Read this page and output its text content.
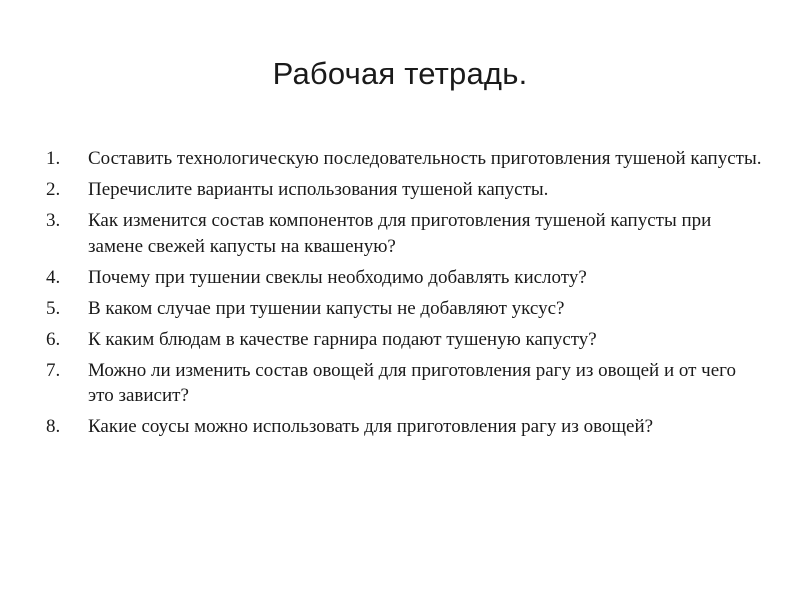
Рабочая тетрадь.
1.	Составить технологическую последовательность приготовления тушеной капусты.
2.	Перечислите варианты использования тушеной капусты.
3.	Как изменится состав компонентов для приготовления тушеной капусты при замене свежей капусты на квашеную?
4.	Почему при тушении свеклы необходимо добавлять кислоту?
5.	В каком случае при тушении капусты не добавляют уксус?
6.	К каким блюдам в качестве гарнира подают тушеную капусту?
7.	Можно ли изменить состав овощей для приготовления рагу из овощей и от чего это зависит?
8.	Какие соусы можно использовать для приготовления рагу из овощей?
